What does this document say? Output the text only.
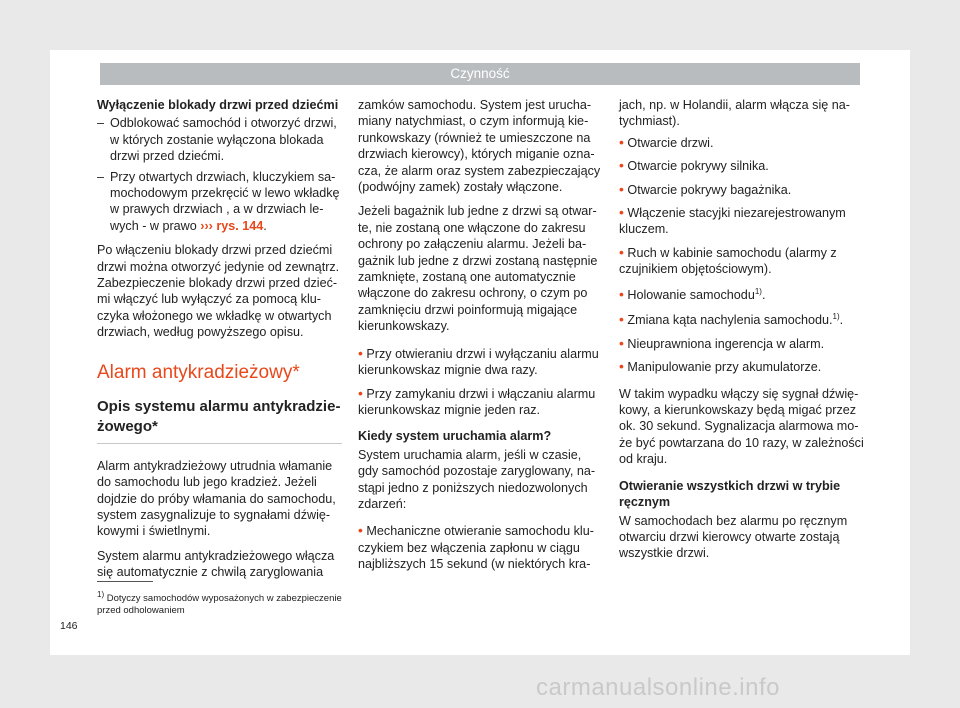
Czynność

Wyłączenie blokady drzwi przed dziećmi

– Odblokować samochód i otworzyć drzwi, w których zostanie wyłączona blokada drzwi przed dziećmi.
– Przy otwartych drzwiach, kluczykiem samochodowym przekręcić w lewo wkładkę w prawych drzwiach , a w drzwiach lewych - w prawo ››› rys. 144.

Po włączeniu blokady drzwi przed dziećmi drzwi można otworzyć jedynie od zewnątrz. Zabezpieczenie blokady drzwi przed dziećmi włączyć lub wyłączyć za pomocą kluczyka włożonego we wkładkę w otwartych drzwiach, według powyższego opisu.

Alarm antykradzieżowy*
Opis systemu alarmu antykradzieżowego*

Alarm antykradzieżowy utrudnia włamanie do samochodu lub jego kradzież. Jeżeli dojdzie do próby włamania do samochodu, system zasygnalizuje to sygnałami dźwiękowymi i świetlnymi.

System alarmu antykradzieżowego włącza się automatycznie z chwilą zaryglowania

zamków samochodu. System jest uruchamiany natychmiast, o czym informują kierunkowskazy (również te umieszczone na drzwiach kierowcy), których miganie oznacza, że alarm oraz system zabezpieczający (podwójny zamek) zostały włączone.

Jeżeli bagażnik lub jedne z drzwi są otwarte, nie zostaną one włączone do zakresu ochrony po załączeniu alarmu. Jeżeli bagażnik lub jedne z drzwi zostaną następnie zamknięte, zostaną one automatycznie włączone do zakresu ochrony, o czym po zamknięciu drzwi poinformują migające kierunkowskazy.

• Przy otwieraniu drzwi i wyłączaniu alarmu kierunkowskaz mignie dwa razy.

• Przy zamykaniu drzwi i włączaniu alarmu kierunkowskaz mignie jeden raz.

Kiedy system uruchamia alarm?

System uruchamia alarm, jeśli w czasie, gdy samochód pozostaje zaryglowany, nastąpi jedno z poniższych niedozwolonych zdarzeń:

• Mechaniczne otwieranie samochodu kluczykiem bez włączenia zapłonu w ciągu najbliższych 15 sekund (w niektórych kra-

jach, np. w Holandii, alarm włącza się natychmiast).

• Otwarcie drzwi.

• Otwarcie pokrywy silnika.

• Otwarcie pokrywy bagażnika.

• Włączenie stacyjki niezarejestrowanym kluczem.

• Ruch w kabinie samochodu (alarmy z czujnikiem objętościowym).

• Holowanie samochodu$^{1)}$.

• Zmiana kąta nachylenia samochodu.$^{1)}$.

• Nieuprawniona ingerencja w alarm.

• Manipulowanie przy akumulatorze.

W takim wypadku włączy się sygnał dźwiękowy, a kierunkowskazy będą migać przez ok. 30 sekund. Sygnalizacja alarmowa może być powtarzana do 10 razy, w zależności od kraju.

Otwieranie wszystkich drzwi w trybie ręcznym

W samochodach bez alarmu po ręcznym otwarciu drzwi kierowcy otwarte zostają wszystkie drzwi.

$^{1)}$ Dotyczy samochodów wyposażonych w zabezpieczenie przed odholowaniem
146
carmanualsonline.info
